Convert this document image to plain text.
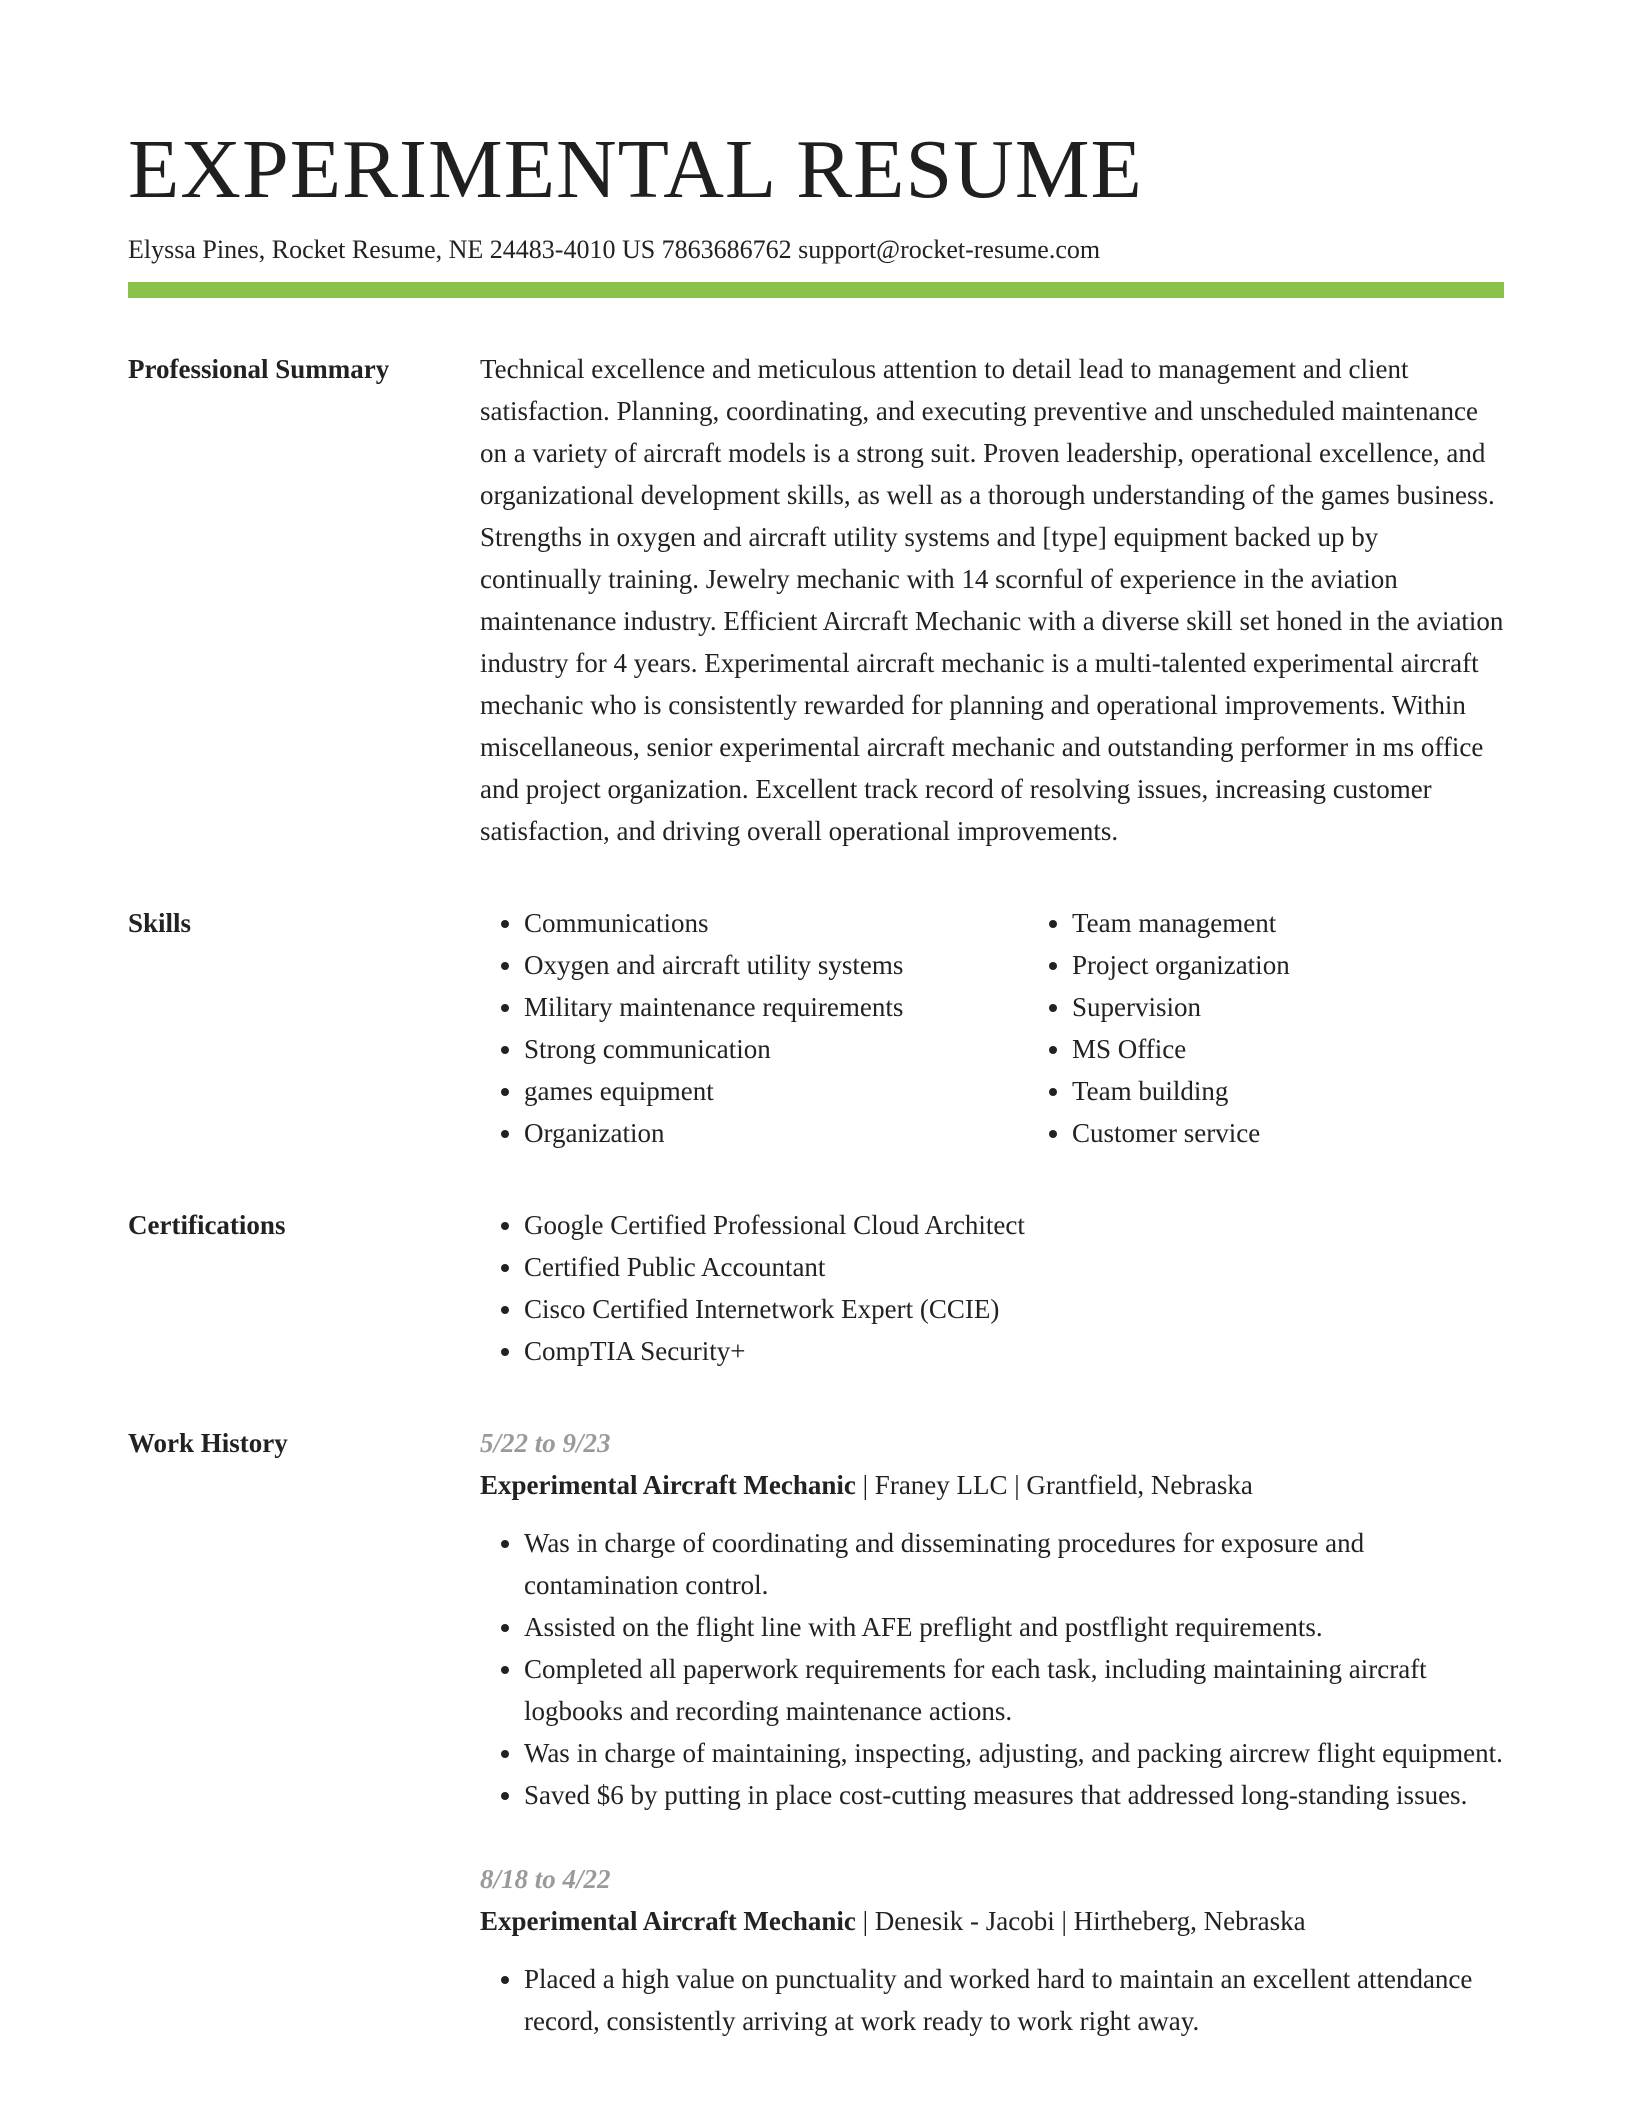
EXPERIMENTAL RESUME
Elyssa Pines, Rocket Resume, NE 24483-4010 US 7863686762 support@rocket-resume.com
Professional Summary	Technical excellence and meticulous attention to detail lead to management and client satisfaction. Planning, coordinating, and executing preventive and unscheduled maintenance on a variety of aircraft models is a strong suit. Proven leadership, operational excellence, and organizational development skills, as well as a thorough understanding of the games business. Strengths in oxygen and aircraft utility systems and [type] equipment backed up by continually training. Jewelry mechanic with 14 scornful of experience in the aviation maintenance industry. Efficient Aircraft Mechanic with a diverse skill set honed in the aviation industry for 4 years. Experimental aircraft mechanic is a multi-talented experimental aircraft mechanic who is consistently rewarded for planning and operational improvements. Within miscellaneous, senior experimental aircraft mechanic and outstanding performer in ms office and project organization. Excellent track record of resolving issues, increasing customer satisfaction, and driving overall operational improvements.

Skills	• Communications
• Oxygen and aircraft utility systems
• Military maintenance requirements
• Strong communication
• games equipment
• Organization
• Team management
• Project organization
• Supervision
• MS Office
• Team building
• Customer service
Certifications	• Google Certified Professional Cloud Architect
• Certified Public Accountant
• Cisco Certified Internetwork Expert (CCIE)
• CompTIA Security+
Work History	5/22 to 9/23
Experimental Aircraft Mechanic | Franey LLC | Grantfield, Nebraska
• Was in charge of coordinating and disseminating procedures for exposure and contamination control.
• Assisted on the flight line with AFE preflight and postflight requirements.
• Completed all paperwork requirements for each task, including maintaining aircraft logbooks and recording maintenance actions.
• Was in charge of maintaining, inspecting, adjusting, and packing aircrew flight equipment.
• Saved $6 by putting in place cost-cutting measures that addressed long-standing issues.
8/18 to 4/22
Experimental Aircraft Mechanic | Denesik - Jacobi | Hirtheberg, Nebraska
• Placed a high value on punctuality and worked hard to maintain an excellent attendance record, consistently arriving at work ready to work right away.
